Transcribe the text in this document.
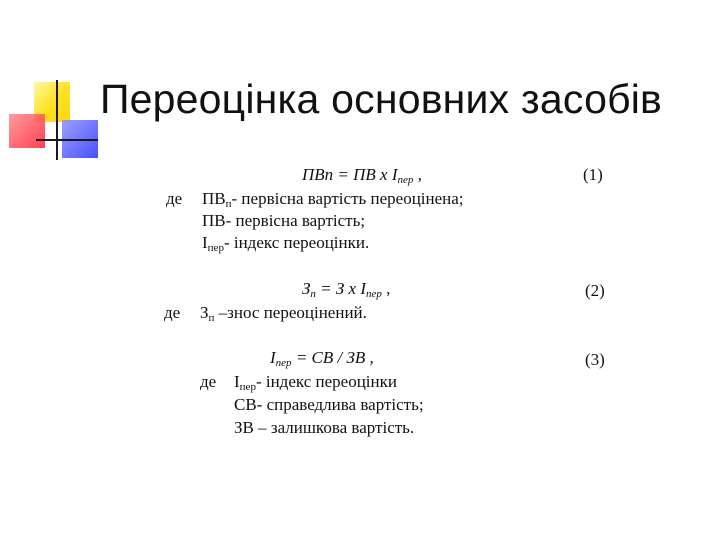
Переоцінка основних засобів
ПВп = ПВ х $І_{пер}$ ,	(1)
де $ПВ_п-$ первісна вартість переоцінена;
ПВ- первісна вартість;
$І_{пер}-$ індекс переоцінки.
$З_п = З$ х $І_{пер}$ ,	(2)
де $З_п$ –знос переоцінений.
$І_{пер}$ = СВ / ЗВ ,	(3)
де $І_{пер}-$ індекс переоцінки
СВ- справедлива вартість;
ЗВ – залишкова вартість.
